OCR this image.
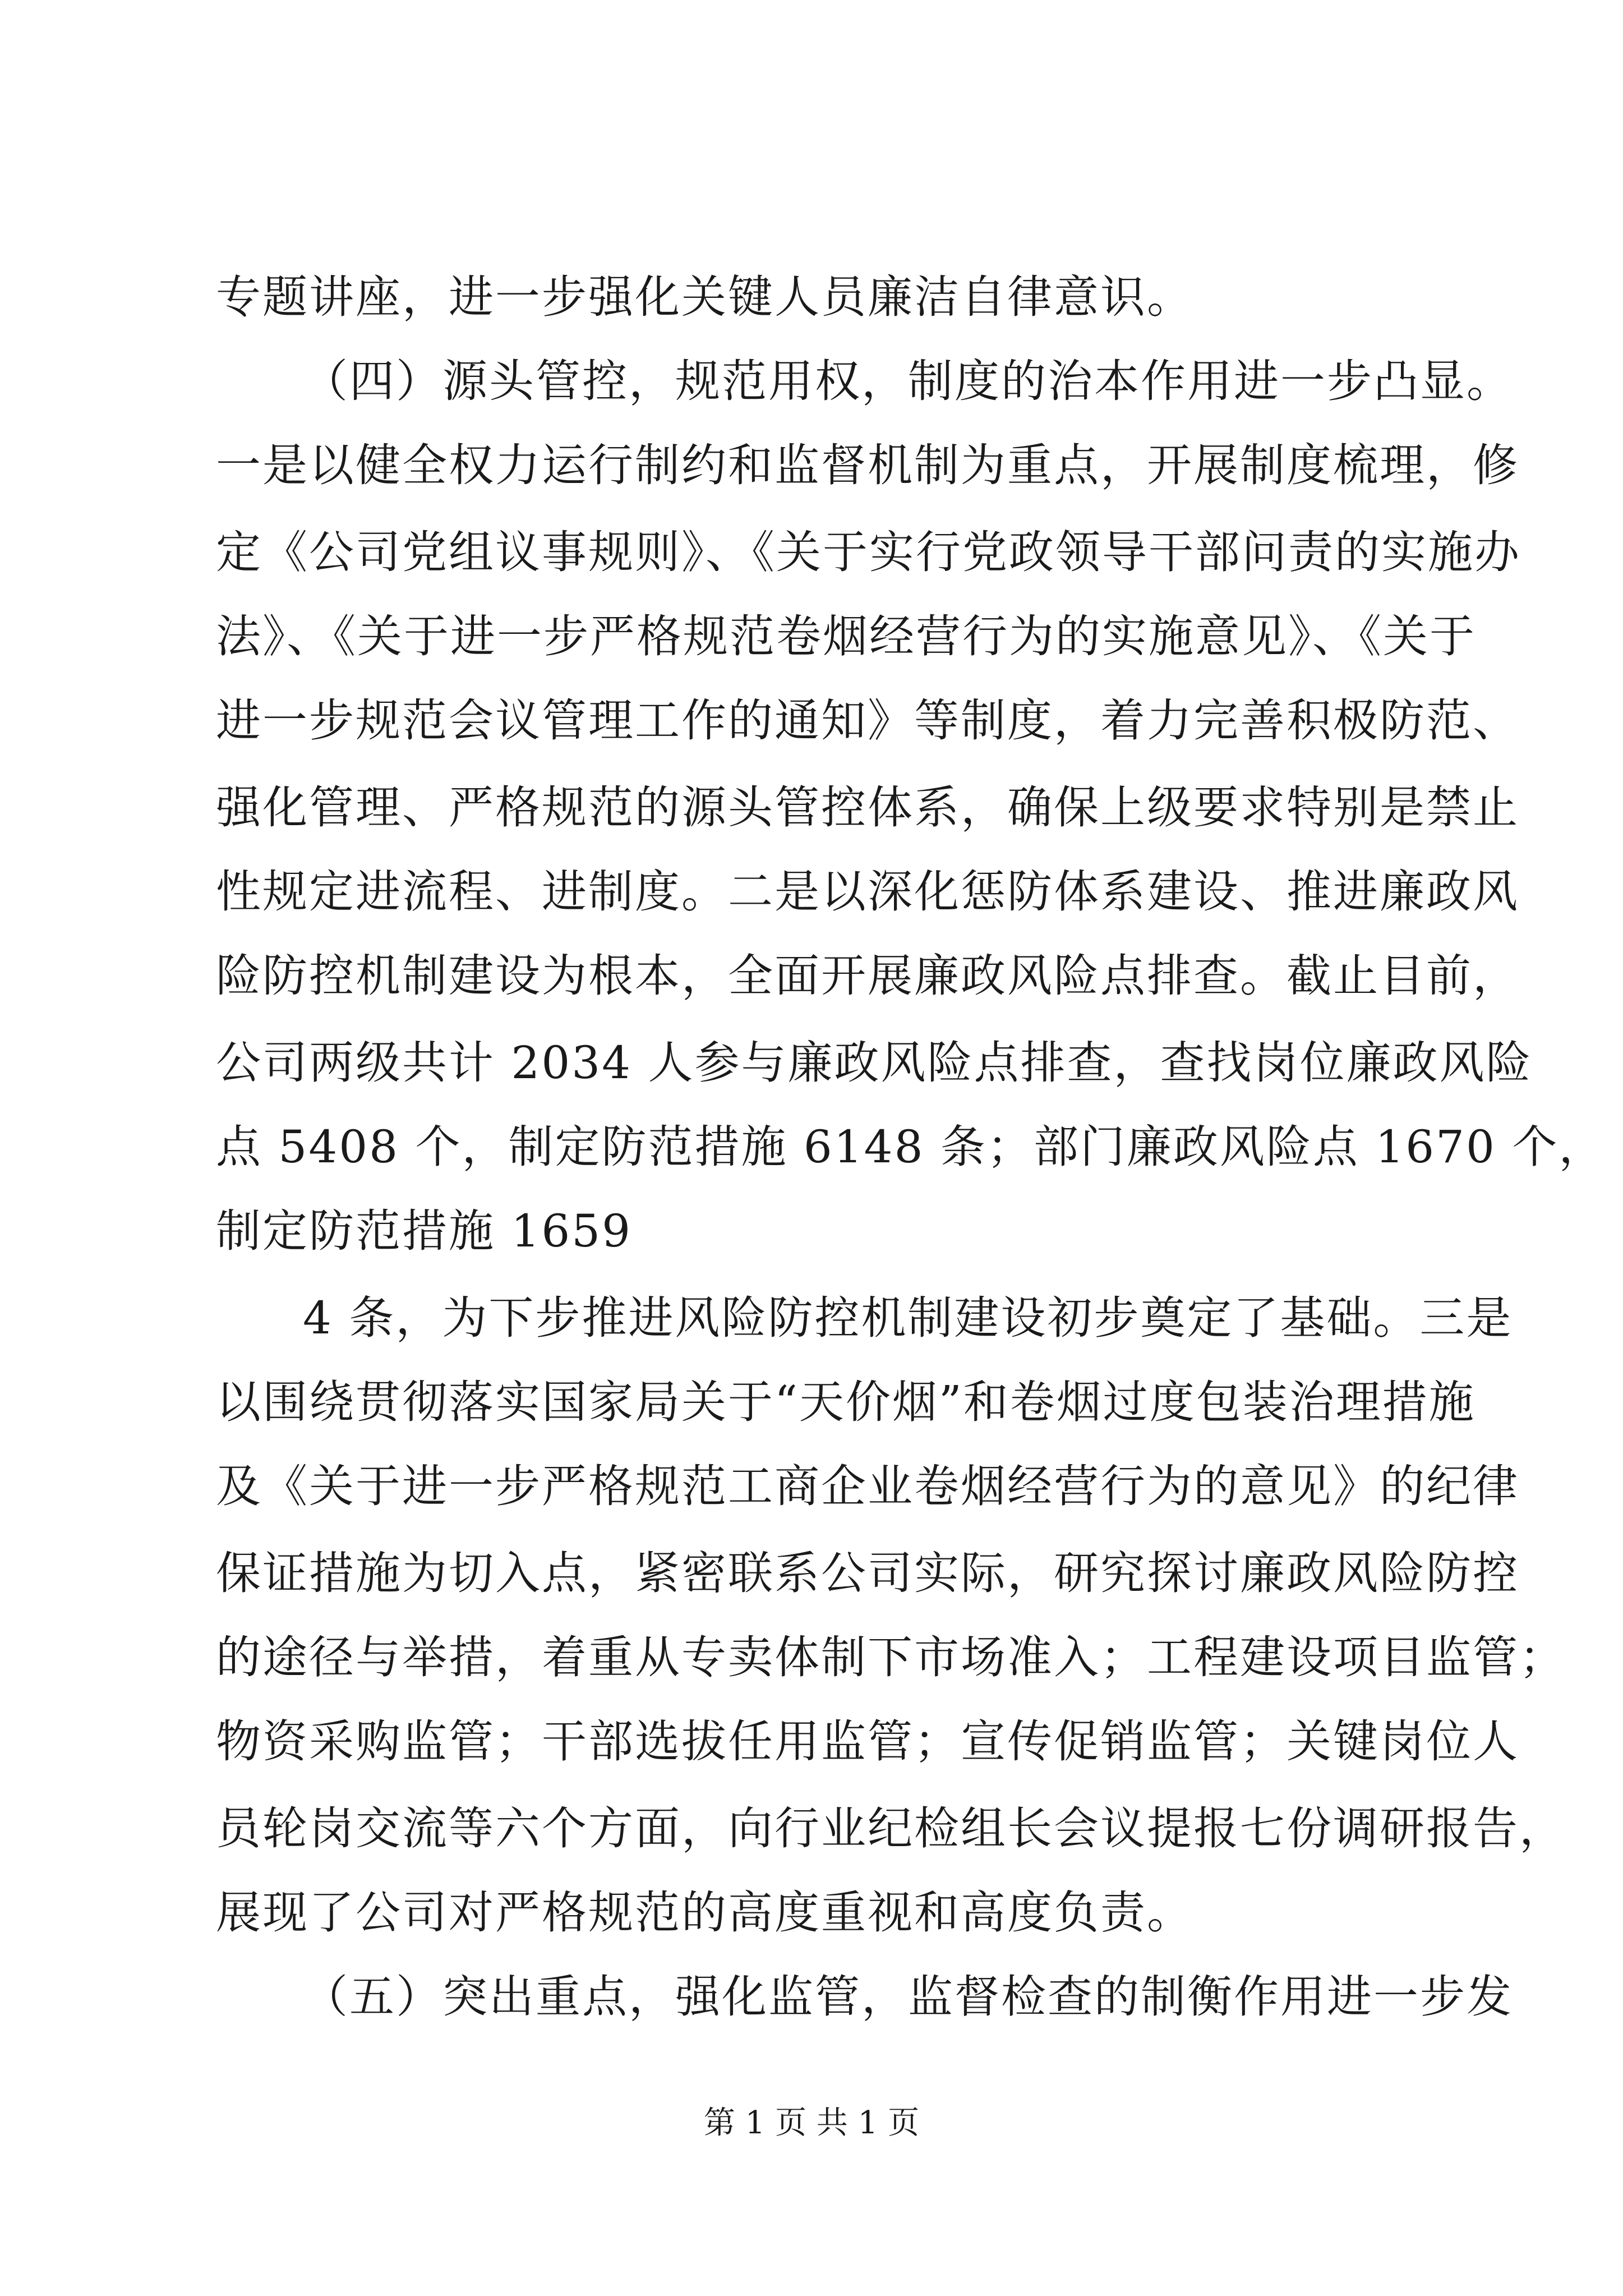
专题讲座，进一步强化关键人员廉洁自律意识。
（四）源头管控，规范用权，制度的治本作用进一步凸显。
一是以健全权力运行制约和监督机制为重点，开展制度梳理，修
定《公司党组议事规则》、《关于实行党政领导干部问责的实施办
法》、《关于进一步严格规范卷烟经营行为的实施意见》、《关于
进一步规范会议管理工作的通知》等制度，着力完善积极防范、
强化管理、严格规范的源头管控体系，确保上级要求特别是禁止
性规定进流程、进制度。二是以深化惩防体系建设、推进廉政风
险防控机制建设为根本，全面开展廉政风险点排查。截止目前，
公司两级共计 2034 人参与廉政风险点排查，查找岗位廉政风险
点 5408 个，制定防范措施 6148 条；部门廉政风险点 1670 个，
制定防范措施 1659
4 条，为下步推进风险防控机制建设初步奠定了基础。三是
以围绕贯彻落实国家局关于“天价烟”和卷烟过度包装治理措施
及《关于进一步严格规范工商企业卷烟经营行为的意见》的纪律
保证措施为切入点，紧密联系公司实际，研究探讨廉政风险防控
的途径与举措，着重从专卖体制下市场准入；工程建设项目监管；
物资采购监管；干部选拔任用监管；宣传促销监管；关键岗位人
员轮岗交流等六个方面，向行业纪检组长会议提报七份调研报告，
展现了公司对严格规范的高度重视和高度负责。
（五）突出重点，强化监管，监督检查的制衡作用进一步发
第 1 页 共 1 页
